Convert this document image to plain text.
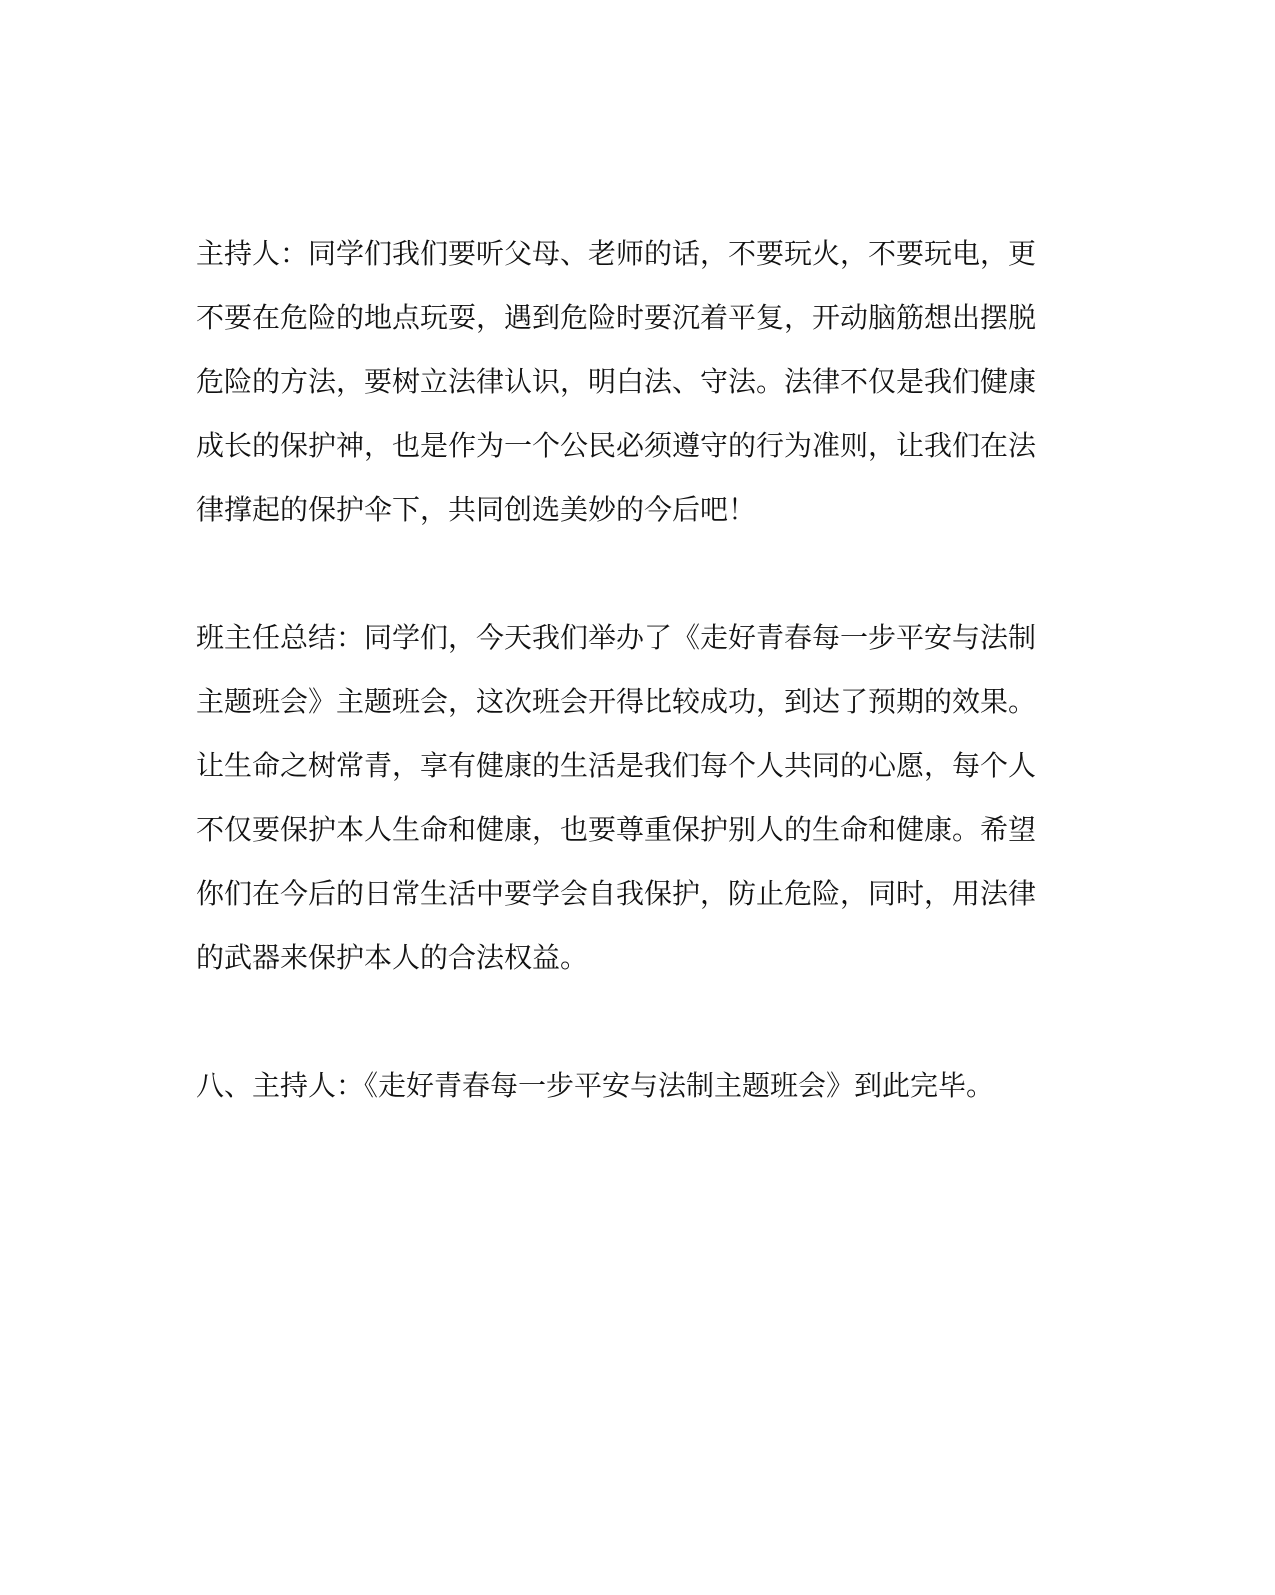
主持人：同学们我们要听父母、老师的话，不要玩火，不要玩电，更
不要在危险的地点玩耍，遇到危险时要沉着平复，开动脑筋想出摆脱
危险的方法，要树立法律认识，明白法、守法。法律不仅是我们健康
成长的保护神，也是作为一个公民必须遵守的行为准则，让我们在法
律撑起的保护伞下，共同创选美妙的今后吧！

班主任总结：同学们，今天我们举办了《走好青春每一步平安与法制
主题班会》主题班会，这次班会开得比较成功，到达了预期的效果。
让生命之树常青，享有健康的生活是我们每个人共同的心愿，每个人
不仅要保护本人生命和健康，也要尊重保护别人的生命和健康。希望
你们在今后的日常生活中要学会自我保护，防止危险，同时，用法律
的武器来保护本人的合法权益。

八、主持人：《走好青春每一步平安与法制主题班会》到此完毕。
